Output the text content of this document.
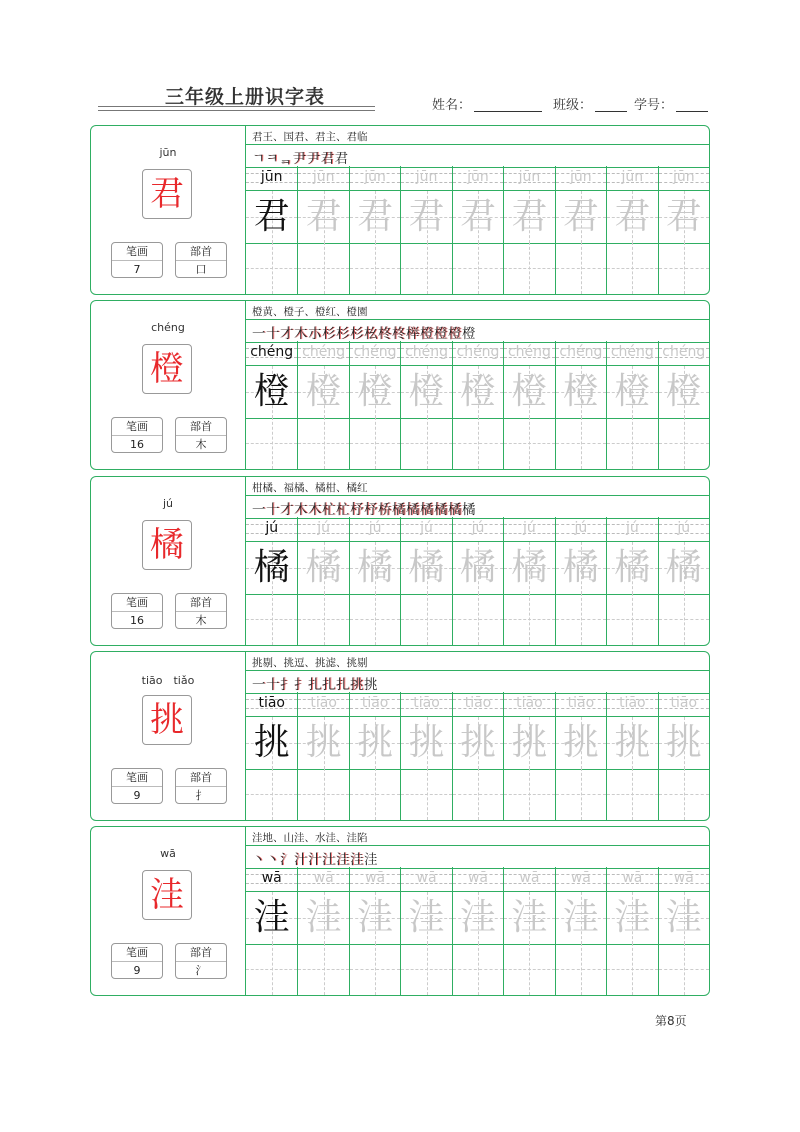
三年级上册识字表	姓名：	班级：	学号：
jūn
君
笔画
7
部首
口
君王、国君、君主、君临
ㄱㅋᆿ尹尹君君
jūn
君
jūn
君
jūn
君
jūn
君
jūn
君
jūn
君
jūn
君
jūn
君
jūn
君
chéng
橙
笔画
16
部首
木
橙黄、橙子、橙红、橙園
一十才木朩杉杉杉㭃柊柊榉橙橙橙橙
chéng
橙
chéng
橙
chéng
橙
chéng
橙
chéng
橙
chéng
橙
chéng
橙
chéng
橙
chéng
橙
jú
橘
笔画
16
部首
木
柑橘、福橘、橘柑、橘红
一十才木木杧杧杼杼桥橘橘橘橘橘橘
jú
橘
jú
橘
jú
橘
jú
橘
jú
橘
jú
橘
jú
橘
jú
橘
jú
橘
tiāo　tiǎo
挑
笔画
9
部首
扌
挑剔、挑逗、挑滤、挑剔
一十扌扌扎扎扎挑挑
tiāo
挑
tiāo
挑
tiāo
挑
tiāo
挑
tiāo
挑
tiāo
挑
tiāo
挑
tiāo
挑
tiāo
挑
wā
洼
笔画
9
部首
氵
洼地、山洼、水洼、洼陷
丶丶氵汁汁汢洼洼洼
wā
洼
wā
洼
wā
洼
wā
洼
wā
洼
wā
洼
wā
洼
wā
洼
wā
洼
第8页
